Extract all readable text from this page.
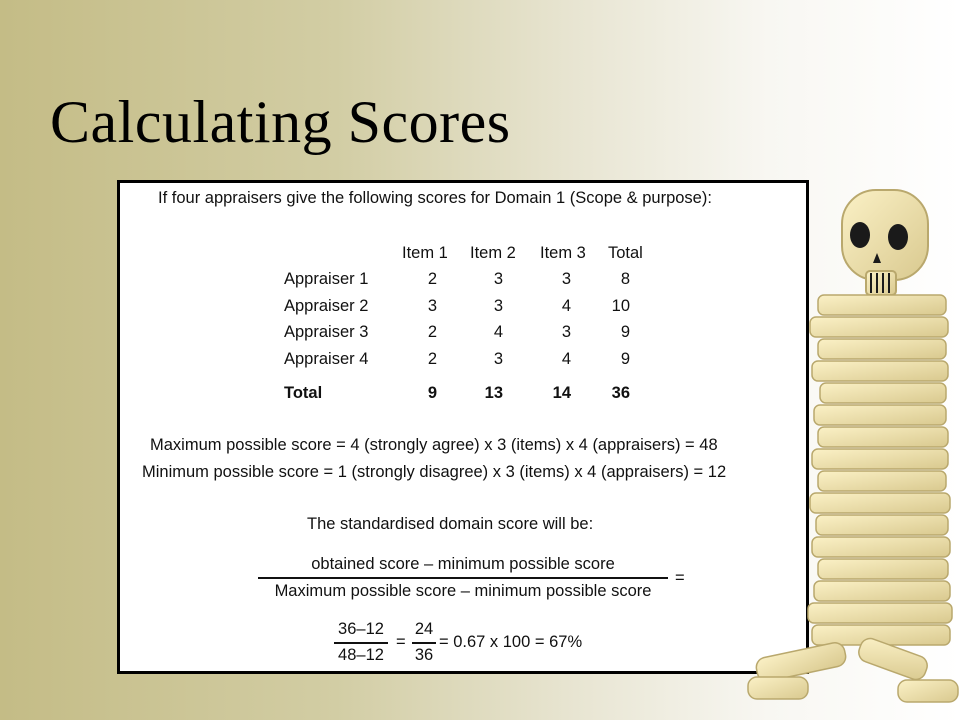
Calculating Scores
If four appraisers give the following scores for Domain 1 (Scope & purpose):
Item 1 Item 2 Item 3 Total
Appraiser 1	2	3	3	8
Appraiser 2	3	3	4	10
Appraiser 3	2	4	3	9
Appraiser 4	2	3	4	9
Total	9	13	14	36
Maximum possible score = 4 (strongly agree) x 3 (items) x 4 (appraisers) = 48
Minimum possible score = 1 (strongly disagree) x 3 (items) x 4 (appraisers) = 12
The standardised domain score will be:
obtained score – minimum possible score
Maximum possible score – minimum possible score
=
36–12
48–12
=
24
36
= 0.67 x 100 = 67%
